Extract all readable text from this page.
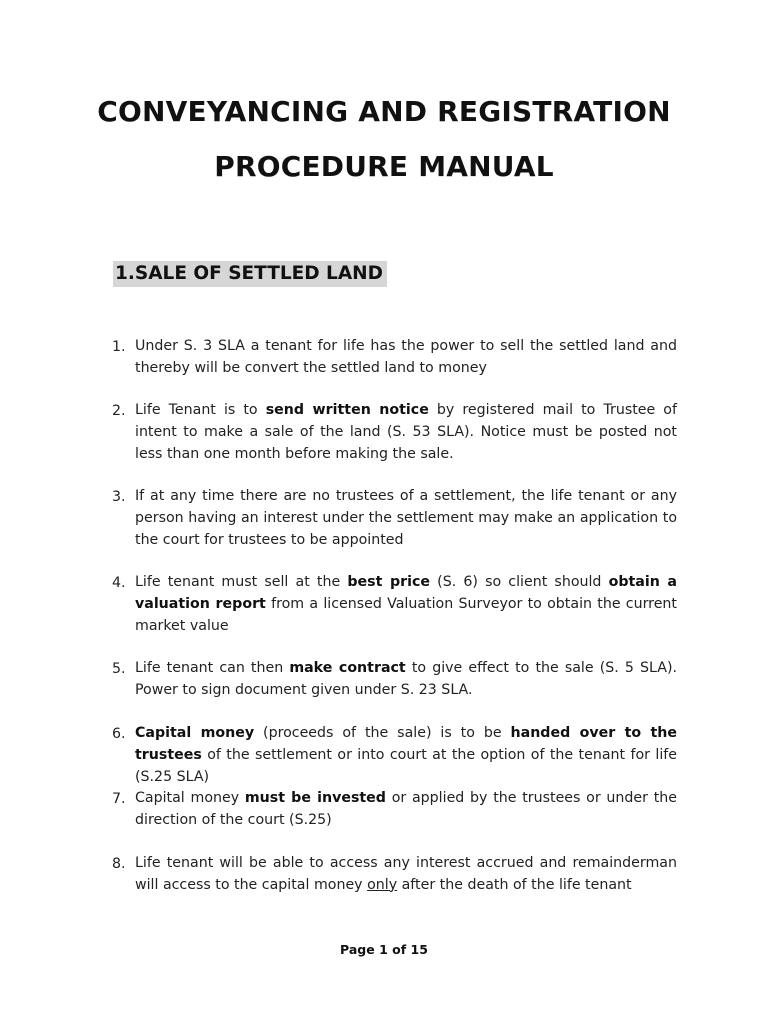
CONVEYANCING AND REGISTRATION
PROCEDURE MANUAL
1.SALE OF SETTLED LAND
1. Under S. 3 SLA a tenant for life has the power to sell the settled land and thereby will be convert the settled land to money
2. Life Tenant is to send written notice by registered mail to Trustee of intent to make a sale of the land (S. 53 SLA). Notice must be posted not less than one month before making the sale.
3. If at any time there are no trustees of a settlement, the life tenant or any person having an interest under the settlement may make an application to the court for trustees to be appointed
4. Life tenant must sell at the best price (S. 6) so client should obtain a valuation report from a licensed Valuation Surveyor to obtain the current market value
5. Life tenant can then make contract to give effect to the sale (S. 5 SLA). Power to sign document given under S. 23 SLA.
6. Capital money (proceeds of the sale) is to be handed over to the trustees of the settlement or into court at the option of the tenant for life (S.25 SLA)
7. Capital money must be invested or applied by the trustees or under the direction of the court (S.25)
8. Life tenant will be able to access any interest accrued and remainderman will access to the capital money only after the death of the life tenant
Page 1 of 15
